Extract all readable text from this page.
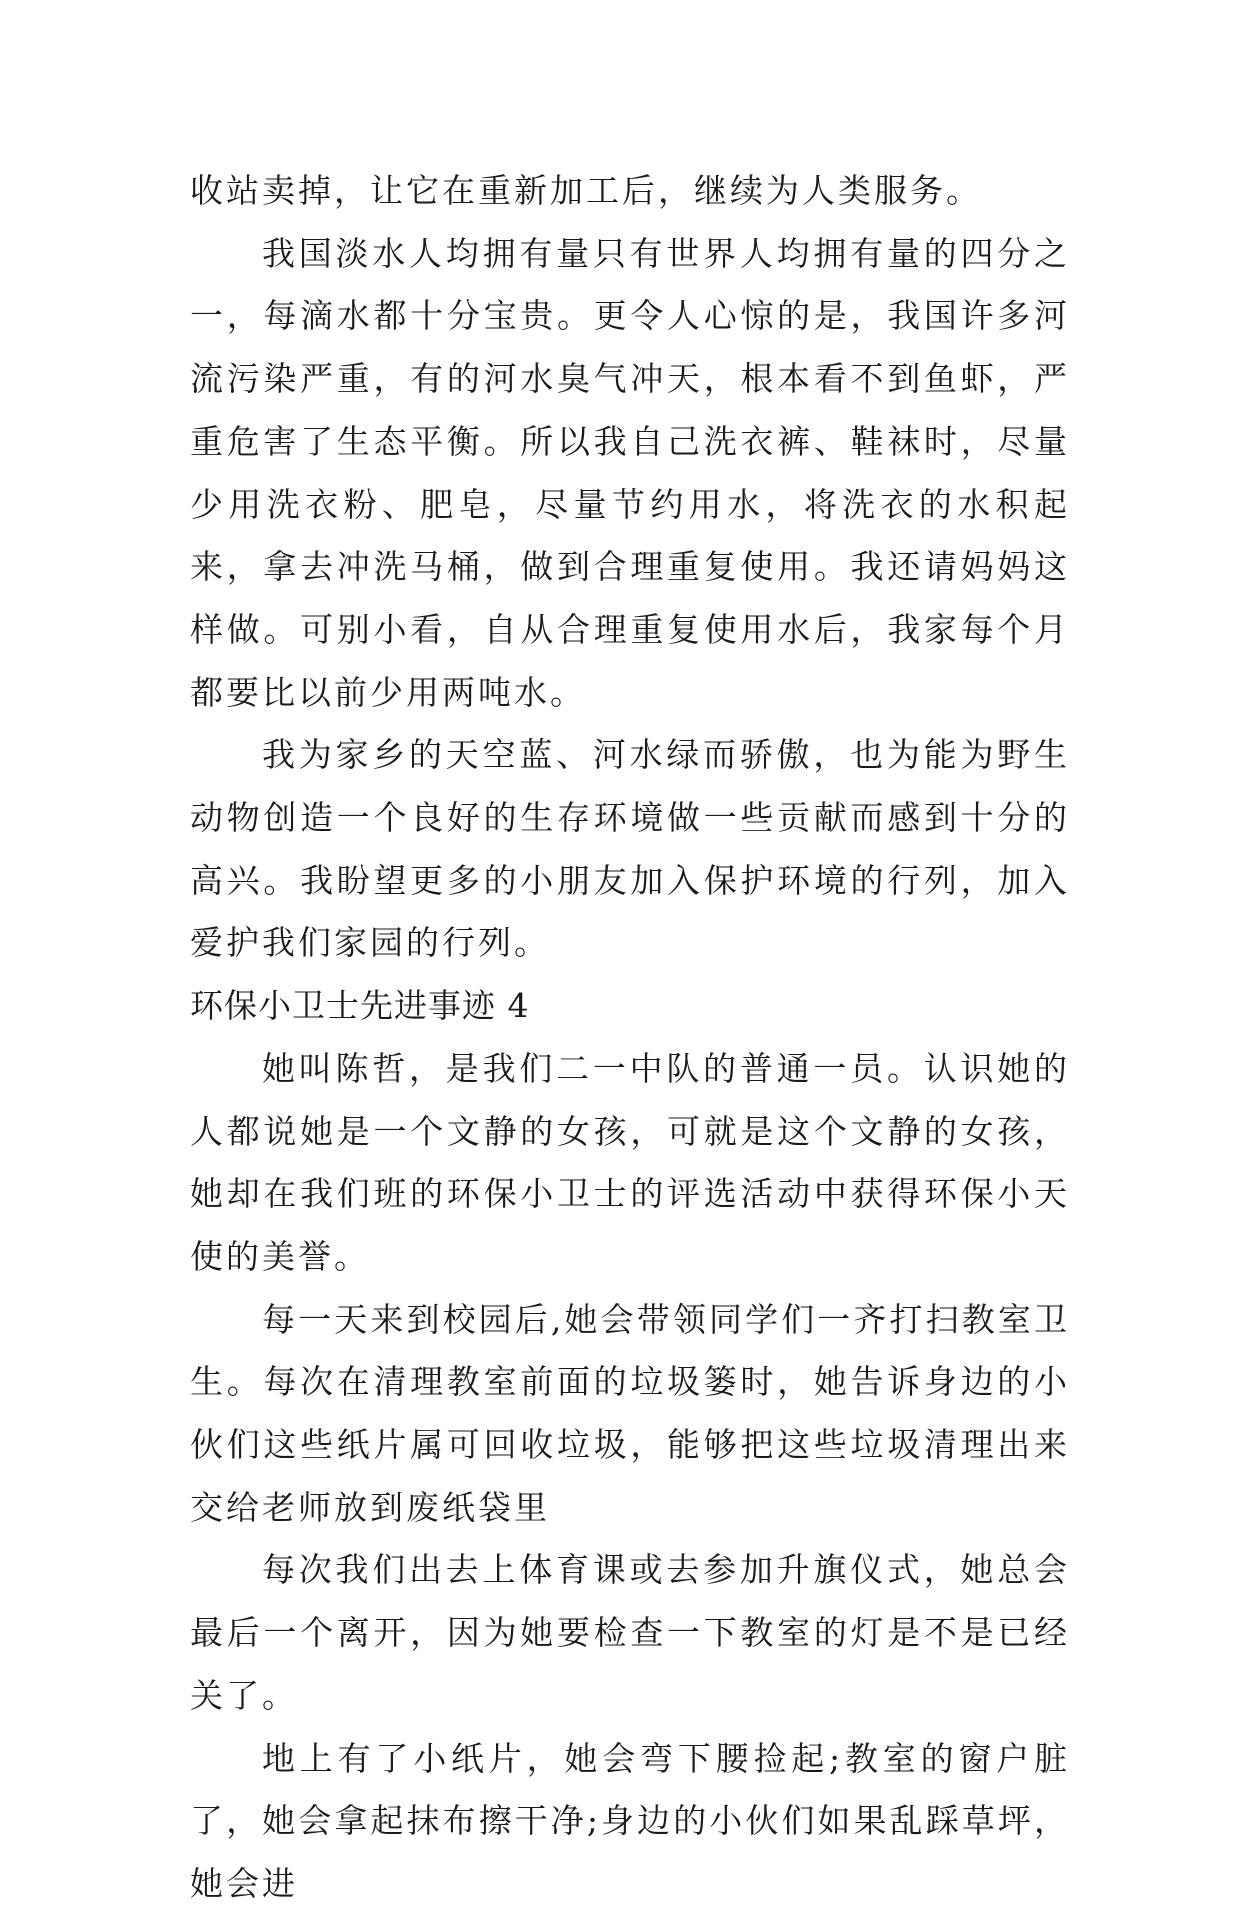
收站卖掉，让它在重新加工后，继续为人类服务。

我国淡水人均拥有量只有世界人均拥有量的四分之一，每滴水都十分宝贵。更令人心惊的是，我国许多河流污染严重，有的河水臭气冲天，根本看不到鱼虾，严重危害了生态平衡。所以我自己洗衣裤、鞋袜时，尽量少用洗衣粉、肥皂，尽量节约用水，将洗衣的水积起来，拿去冲洗马桶，做到合理重复使用。我还请妈妈这样做。可别小看，自从合理重复使用水后，我家每个月都要比以前少用两吨水。

我为家乡的天空蓝、河水绿而骄傲，也为能为野生动物创造一个良好的生存环境做一些贡献而感到十分的高兴。我盼望更多的小朋友加入保护环境的行列，加入爱护我们家园的行列。

环保小卫士先进事迹 4

她叫陈哲，是我们二一中队的普通一员。认识她的人都说她是一个文静的女孩，可就是这个文静的女孩，她却在我们班的环保小卫士的评选活动中获得环保小天使的美誉。

每一天来到校园后,她会带领同学们一齐打扫教室卫生。每次在清理教室前面的垃圾篓时，她告诉身边的小伙们这些纸片属可回收垃圾，能够把这些垃圾清理出来交给老师放到废纸袋里

每次我们出去上体育课或去参加升旗仪式，她总会最后一个离开，因为她要检查一下教室的灯是不是已经关了。

地上有了小纸片，她会弯下腰捡起;教室的窗户脏了，她会拿起抹布擦干净;身边的小伙们如果乱踩草坪，她会进
